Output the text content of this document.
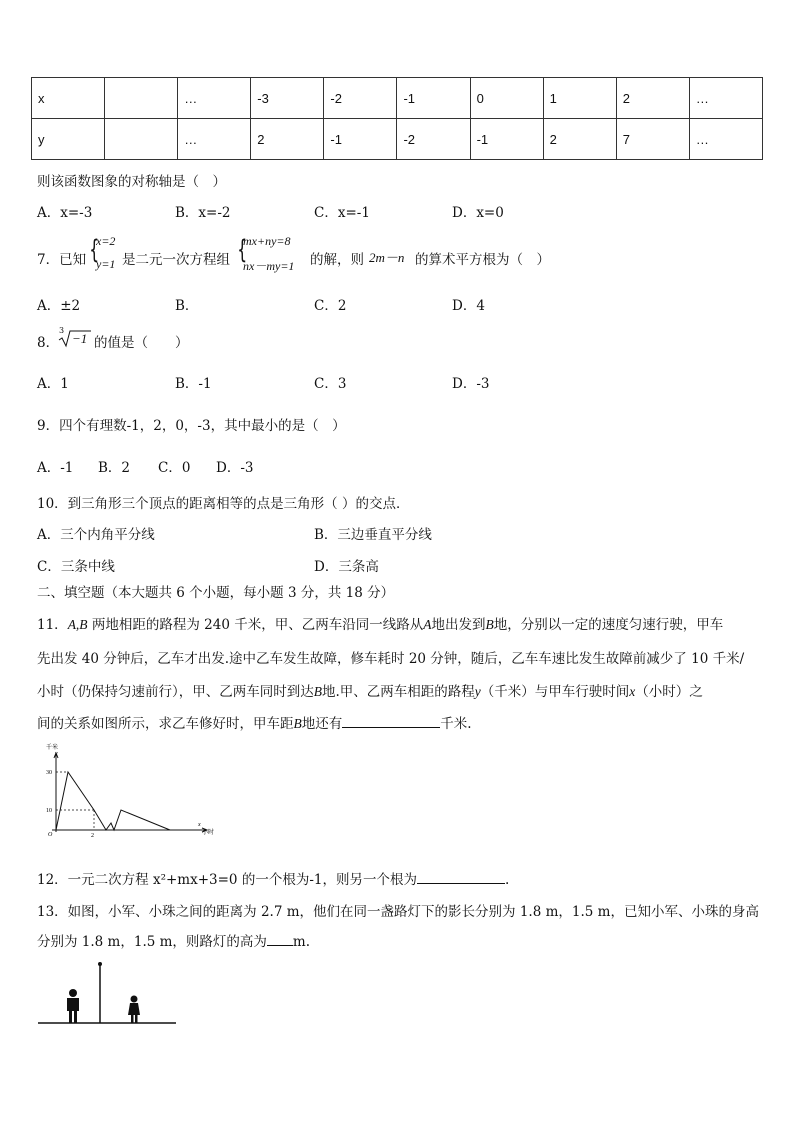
x		…	-3	-2	-1	0	1	2	…
y		…	2	-1	-2	-1	2	7	…
则该函数图象的对称轴是（　）
A．x=-3	B．x=-2	C．x=-1	D．x=0
7．已知 {
x=2
y=1 是二元一次方程组 {
mx+ny=8
nx－my=1 的解，则 2m－n 的算术平方根为（　）
A．±2	B．	C．2	D．4
8．
3
−1 的值是（　　）
A．1	B．-1	C．3	D．-3
9．四个有理数-1，2，0，-3，其中最小的是（　）
A．-1 B．2 C．0 D．-3
10．到三角形三个顶点的距离相等的点是三角形（ ）的交点．
A．三个内角平分线	B．三边垂直平分线
C．三条中线	D．三条高
二、填空题（本大题共 6 个小题，每小题 3 分，共 18 分）
11．A,B 两地相距的路程为 240 千米，甲、乙两车沿同一线路从A地出发到B地，分别以一定的速度匀速行驶，甲车
先出发 40 分钟后，乙车才出发.途中乙车发生故障，修车耗时 20 分钟，随后，乙车车速比发生故障前减少了 10 千米/
小时（仍保持匀速前行），甲、乙两车同时到达B地.甲、乙两车相距的路程y（千米）与甲车行驶时间x（小时）之
间的关系如图所示，求乙车修好时，甲车距B地还有	千米.
千米
y
x
小时
O
30
10
2
12．一元二次方程 x²+mx+3=0 的一个根为-1，则另一个根为	.
13．如图，小军、小珠之间的距离为 2.7 m，他们在同一盏路灯下的影长分别为 1.8 m，1.5 m，已知小军、小珠的身高
分别为 1.8 m，1.5 m，则路灯的高为 m.
